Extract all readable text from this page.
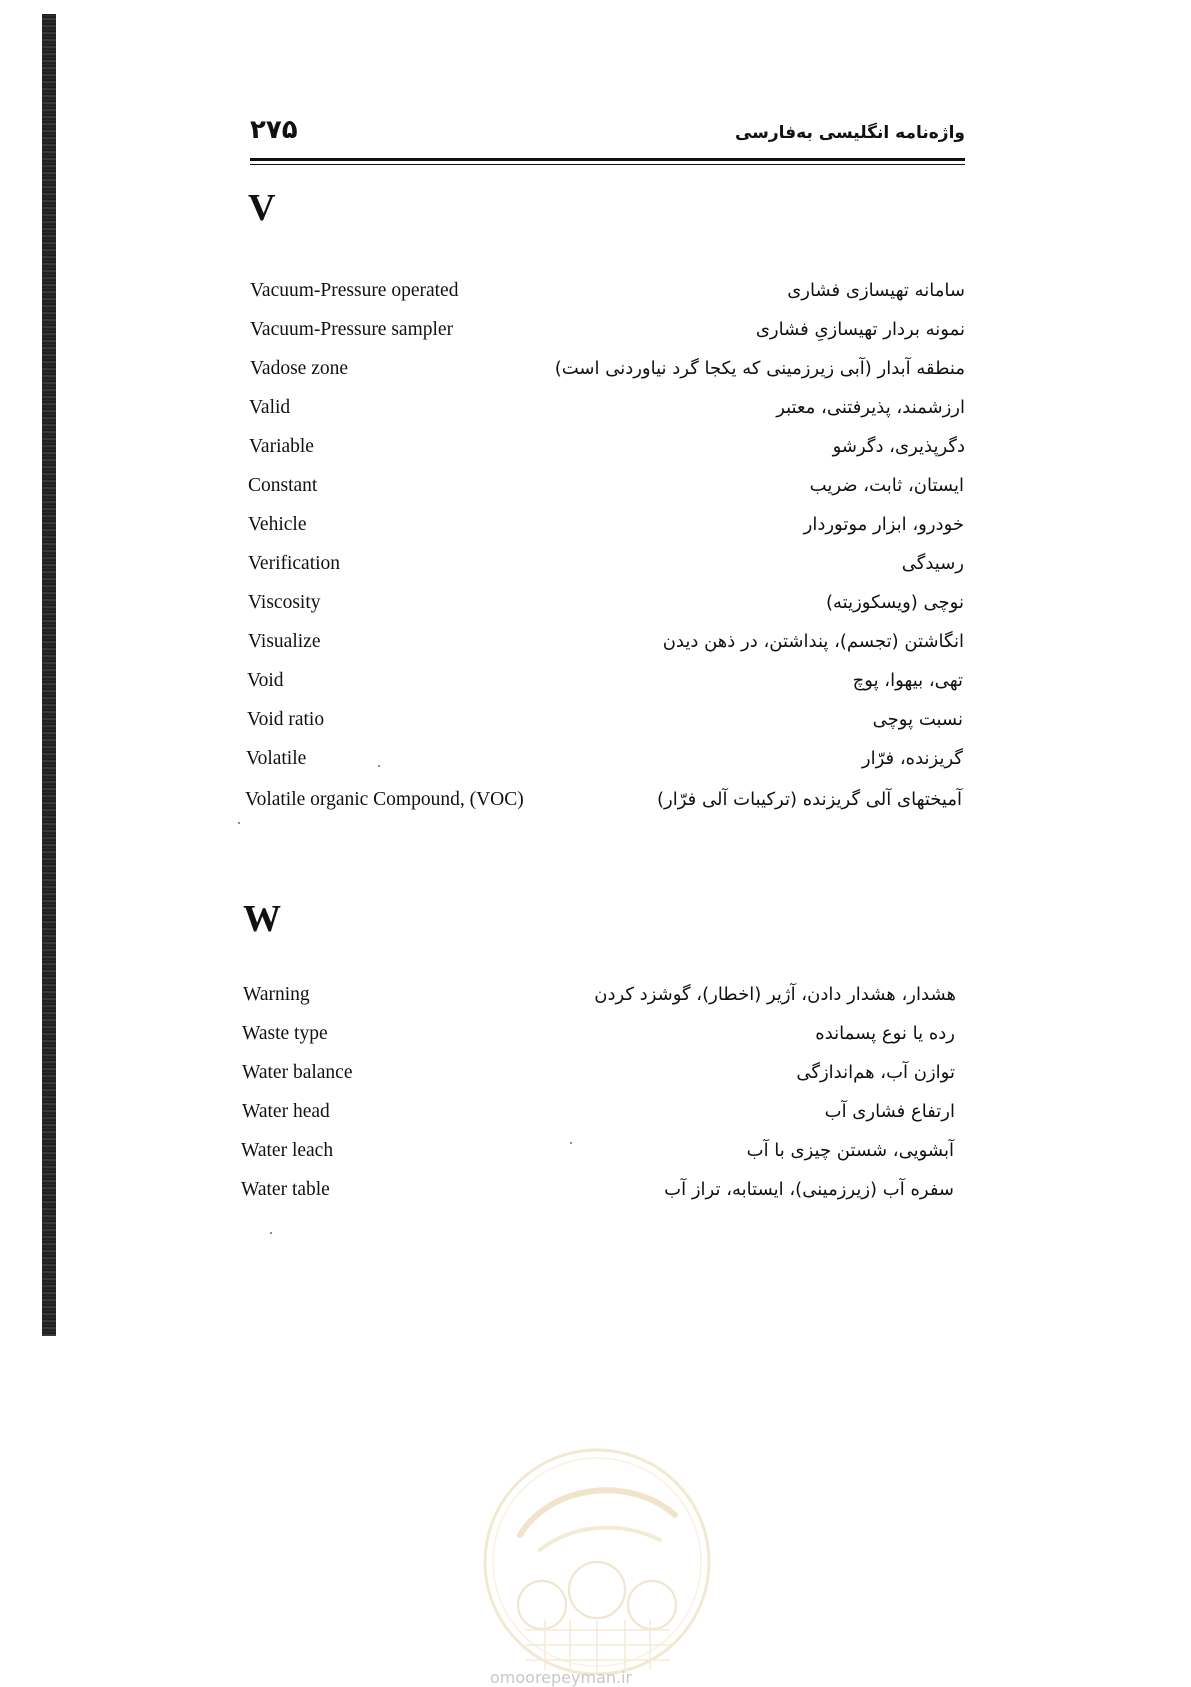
۲۷۵	واژه‌نامه انگلیسی به‌فارسی
V
Vacuum-Pressure operated	سامانه تهیسازی فشاری
Vacuum-Pressure sampler	نمونه بردار تهیسازیِ فشاری
Vadose zone	منطقه آبدار (آبی زیرزمینی که یکجا گرد نیاوردنی است)
Valid	ارزشمند، پذیرفتنی، معتبر
Variable	دگرپذیری، دگرشو
Constant	ایستان، ثابت، ضریب
Vehicle	خودرو، ابزار موتوردار
Verification	رسیدگی
Viscosity	نوچی (ویسکوزیته)
Visualize	انگاشتن (تجسم)، پنداشتن، در ذهن دیدن
Void	تهی، بیهوا، پوچ
Void ratio	نسبت پوچی
Volatile	گریزنده، فرّار
Volatile organic Compound, (VOC)	آمیختهای آلی گریزنده (ترکیبات آلی فرّار)
W
Warning	هشدار، هشدار دادن، آژیر (اخطار)، گوشزد کردن
Waste type	رده یا نوع پسمانده
Water balance	توازن آب، هم‌اندازگی
Water head	ارتفاع فشاری آب
Water leach	آبشویی، شستن چیزی با آب
Water table	سفره آب (زیرزمینی)، ایستابه، تراز آب
omoorepeyman.ir
